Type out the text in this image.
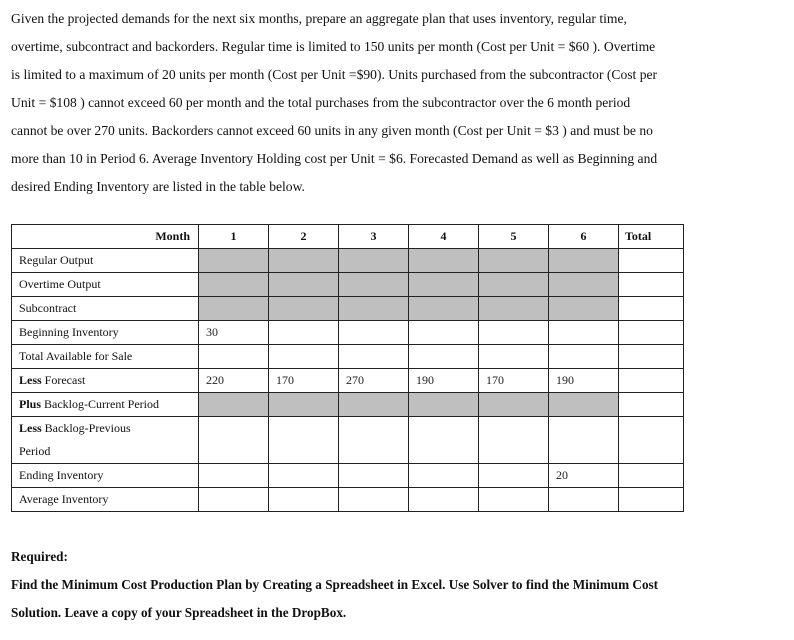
Given the projected demands for the next six months, prepare an aggregate plan that uses inventory, regular time,

overtime, subcontract and backorders. Regular time is limited to 150 units per month (Cost per Unit = $60 ). Overtime

is limited to a maximum of 20 units per month (Cost per Unit =$90). Units purchased from the subcontractor (Cost per

Unit = $108 ) cannot exceed 60 per month and the total purchases from the subcontractor over the 6 month period

cannot be over 270 units. Backorders cannot exceed 60 units in any given month (Cost per Unit = $3 ) and must be no

more than 10 in Period 6. Average Inventory Holding cost per Unit = $6. Forecasted Demand as well as Beginning and

desired Ending Inventory are listed in the table below.

Month	1	2	3	4	5	6	Total
Regular Output							
Overtime Output							
Subcontract							
Beginning Inventory	30						
Total Available for Sale							
Less Forecast	220	170	270	190	170	190	
Plus Backlog-Current Period							
Less Backlog-Previous
Period							
Ending Inventory						20	
Average Inventory							

Required:

Find the Minimum Cost Production Plan by Creating a Spreadsheet in Excel. Use Solver to find the Minimum Cost

Solution. Leave a copy of your Spreadsheet in the DropBox.
